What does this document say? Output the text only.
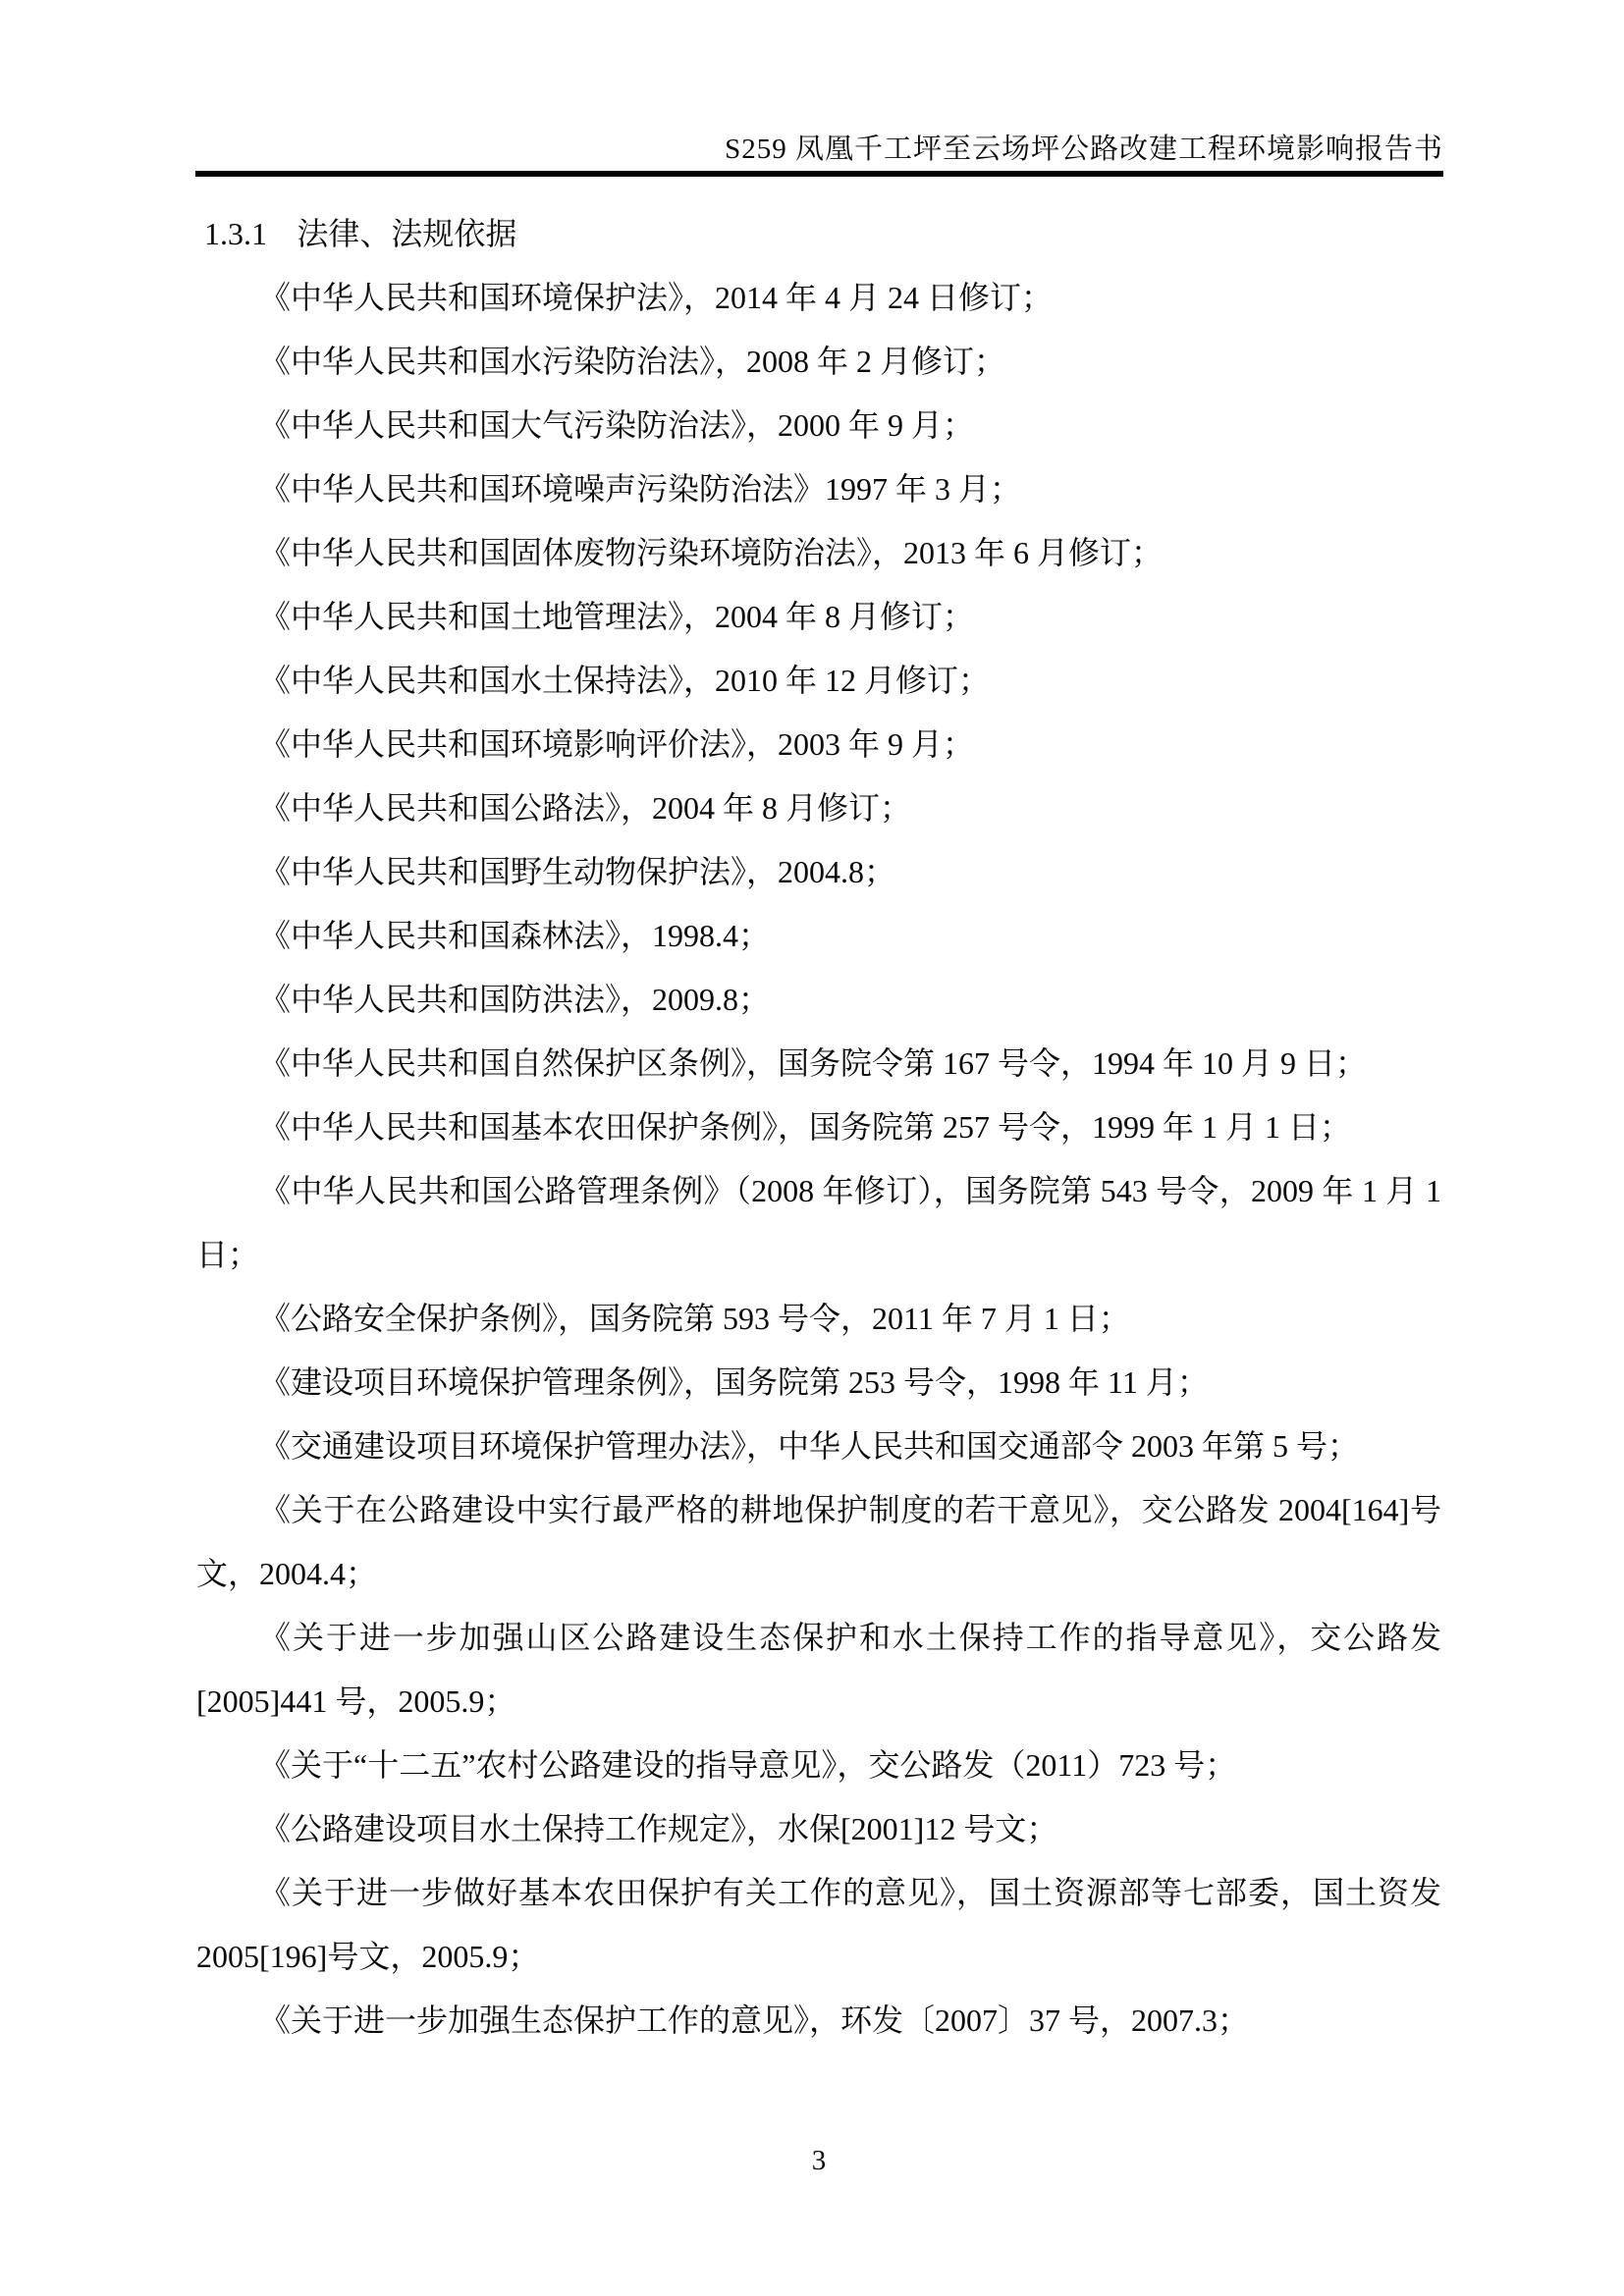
S259 凤凰千工坪至云场坪公路改建工程环境影响报告书
1.3.1 法律、法规依据

《中华人民共和国环境保护法》，2014 年 4 月 24 日修订；

《中华人民共和国水污染防治法》，2008 年 2 月修订；

《中华人民共和国大气污染防治法》，2000 年 9 月；

《中华人民共和国环境噪声污染防治法》1997 年 3 月；

《中华人民共和国固体废物污染环境防治法》，2013 年 6 月修订；

《中华人民共和国土地管理法》，2004 年 8 月修订；

《中华人民共和国水土保持法》，2010 年 12 月修订；

《中华人民共和国环境影响评价法》，2003 年 9 月；

《中华人民共和国公路法》，2004 年 8 月修订；

《中华人民共和国野生动物保护法》，2004.8；

《中华人民共和国森林法》，1998.4；

《中华人民共和国防洪法》，2009.8；

《中华人民共和国自然保护区条例》，国务院令第 167 号令，1994 年 10 月 9 日；

《中华人民共和国基本农田保护条例》，国务院第 257 号令，1999 年 1 月 1 日；

《中华人民共和国公路管理条例》（2008 年修订），国务院第 543 号令，2009 年 1 月 1 日；

《公路安全保护条例》，国务院第 593 号令，2011 年 7 月 1 日；

《建设项目环境保护管理条例》，国务院第 253 号令，1998 年 11 月；

《交通建设项目环境保护管理办法》，中华人民共和国交通部令 2003 年第 5 号；

《关于在公路建设中实行最严格的耕地保护制度的若干意见》，交公路发 2004[164]号文，2004.4；

《关于进一步加强山区公路建设生态保护和水土保持工作的指导意见》，交公路发[2005]441 号，2005.9；

《关于“十二五”农村公路建设的指导意见》，交公路发（2011）723 号；

《公路建设项目水土保持工作规定》，水保[2001]12 号文；

《关于进一步做好基本农田保护有关工作的意见》，国土资源部等七部委，国土资发 2005[196]号文，2005.9；

《关于进一步加强生态保护工作的意见》，环发〔2007〕37 号，2007.3；

3
